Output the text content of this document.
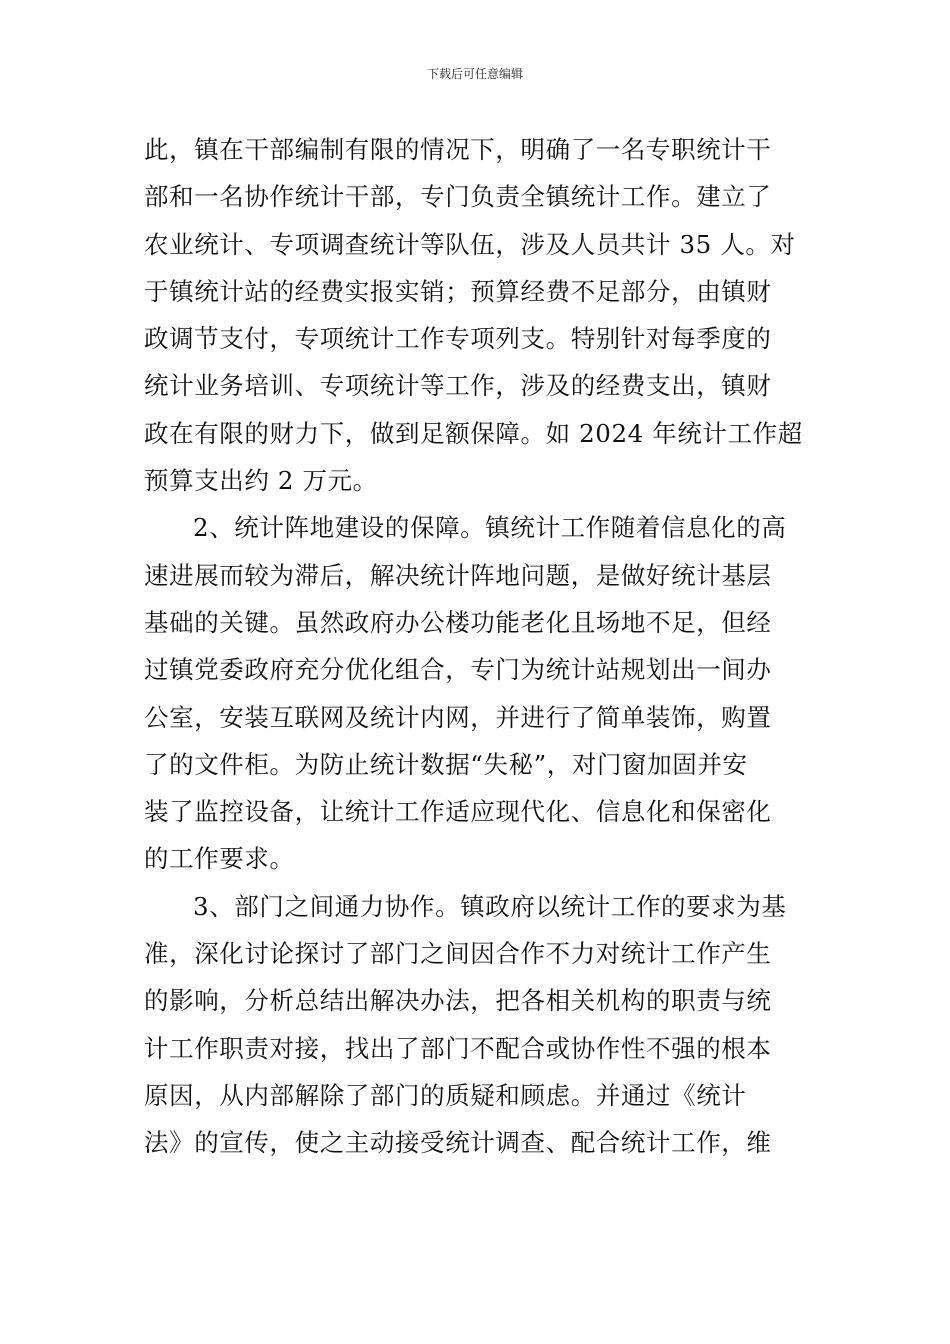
下载后可任意编辑
此，镇在干部编制有限的情况下，明确了一名专职统计干
部和一名协作统计干部，专门负责全镇统计工作。建立了
农业统计、专项调查统计等队伍，涉及人员共计 35 人。对
于镇统计站的经费实报实销；预算经费不足部分，由镇财
政调节支付，专项统计工作专项列支。特别针对每季度的
统计业务培训、专项统计等工作，涉及的经费支出，镇财
政在有限的财力下，做到足额保障。如 2024 年统计工作超
预算支出约 2 万元。
2、统计阵地建设的保障。镇统计工作随着信息化的高
速进展而较为滞后，解决统计阵地问题，是做好统计基层
基础的关键。虽然政府办公楼功能老化且场地不足，但经
过镇党委政府充分优化组合，专门为统计站规划出一间办
公室，安装互联网及统计内网，并进行了简单装饰，购置
了的文件柜。为防止统计数据“失秘”，对门窗加固并安
装了监控设备，让统计工作适应现代化、信息化和保密化
的工作要求。
3、部门之间通力协作。镇政府以统计工作的要求为基
准，深化讨论探讨了部门之间因合作不力对统计工作产生
的影响，分析总结出解决办法，把各相关机构的职责与统
计工作职责对接，找出了部门不配合或协作性不强的根本
原因，从内部解除了部门的质疑和顾虑。并通过《统计
法》的宣传，使之主动接受统计调查、配合统计工作，维
